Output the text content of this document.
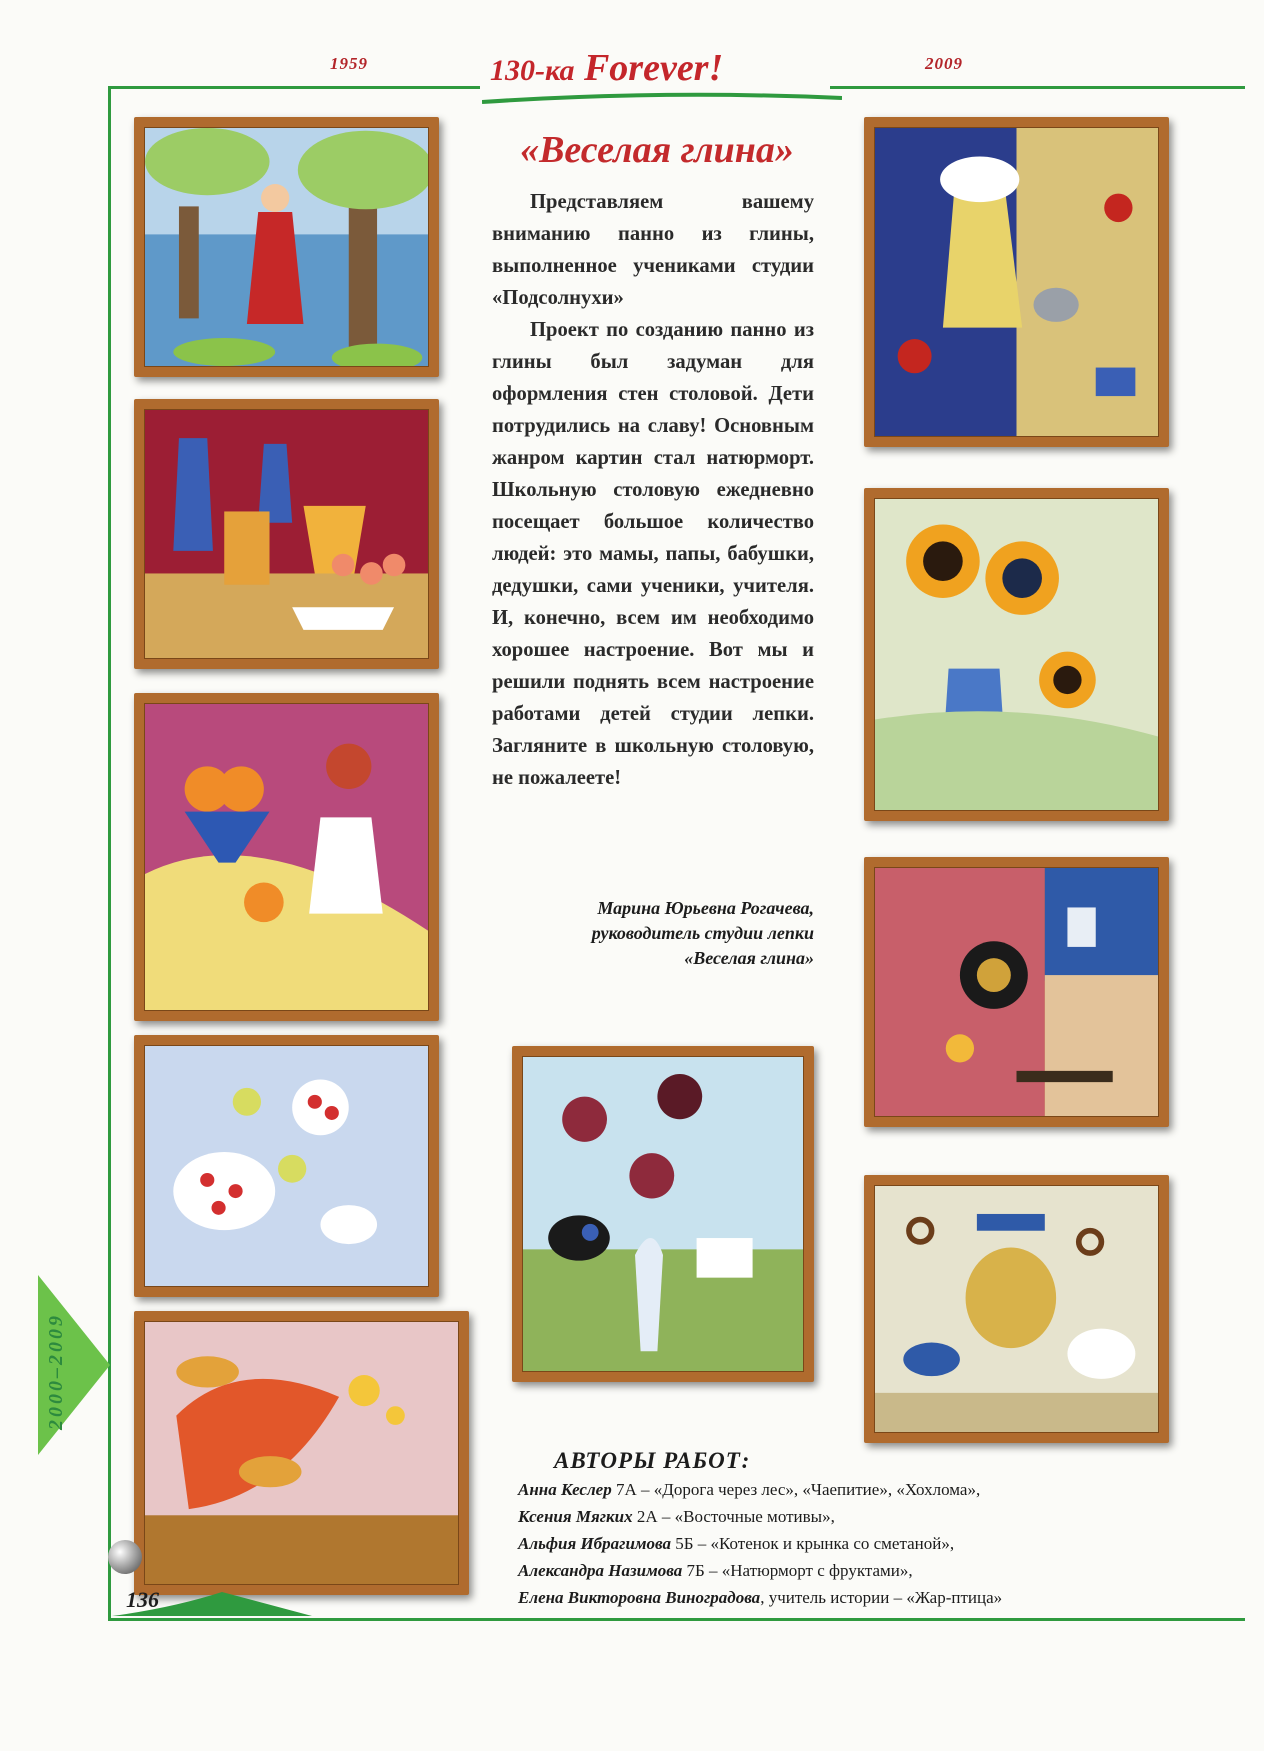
1959	130-ка Forever!	2009
«Веселая глина»

Представляем вашему вниманию панно из глины, выполненное учениками студии «Подсолнухи»

Проект по созданию панно из глины был задуман для оформления стен столовой. Дети потрудились на славу! Основным жанром картин стал натюрморт. Школьную столовую ежедневно посещает большое количество людей: это мамы, папы, бабушки, дедушки, сами ученики, учителя. И, конечно, всем им необходимо хорошее настроение. Вот мы и решили поднять всем настроение работами детей студии лепки. Загляните в школьную столовую, не пожалеете!

Марина Юрьевна Рогачева,
руководитель студии лепки
«Веселая глина»
АВТОРЫ РАБОТ:
Анна Кеслер 7А – «Дорога через лес», «Чаепитие», «Хохлома»,
Ксения Мягких 2А – «Восточные мотивы»,
Альфия Ибрагимова 5Б – «Котенок и крынка со сметаной»,
Александра Назимова 7Б – «Натюрморт с фруктами»,
Елена Викторовна Виноградова, учитель истории – «Жар-птица»
2000–2009
136
